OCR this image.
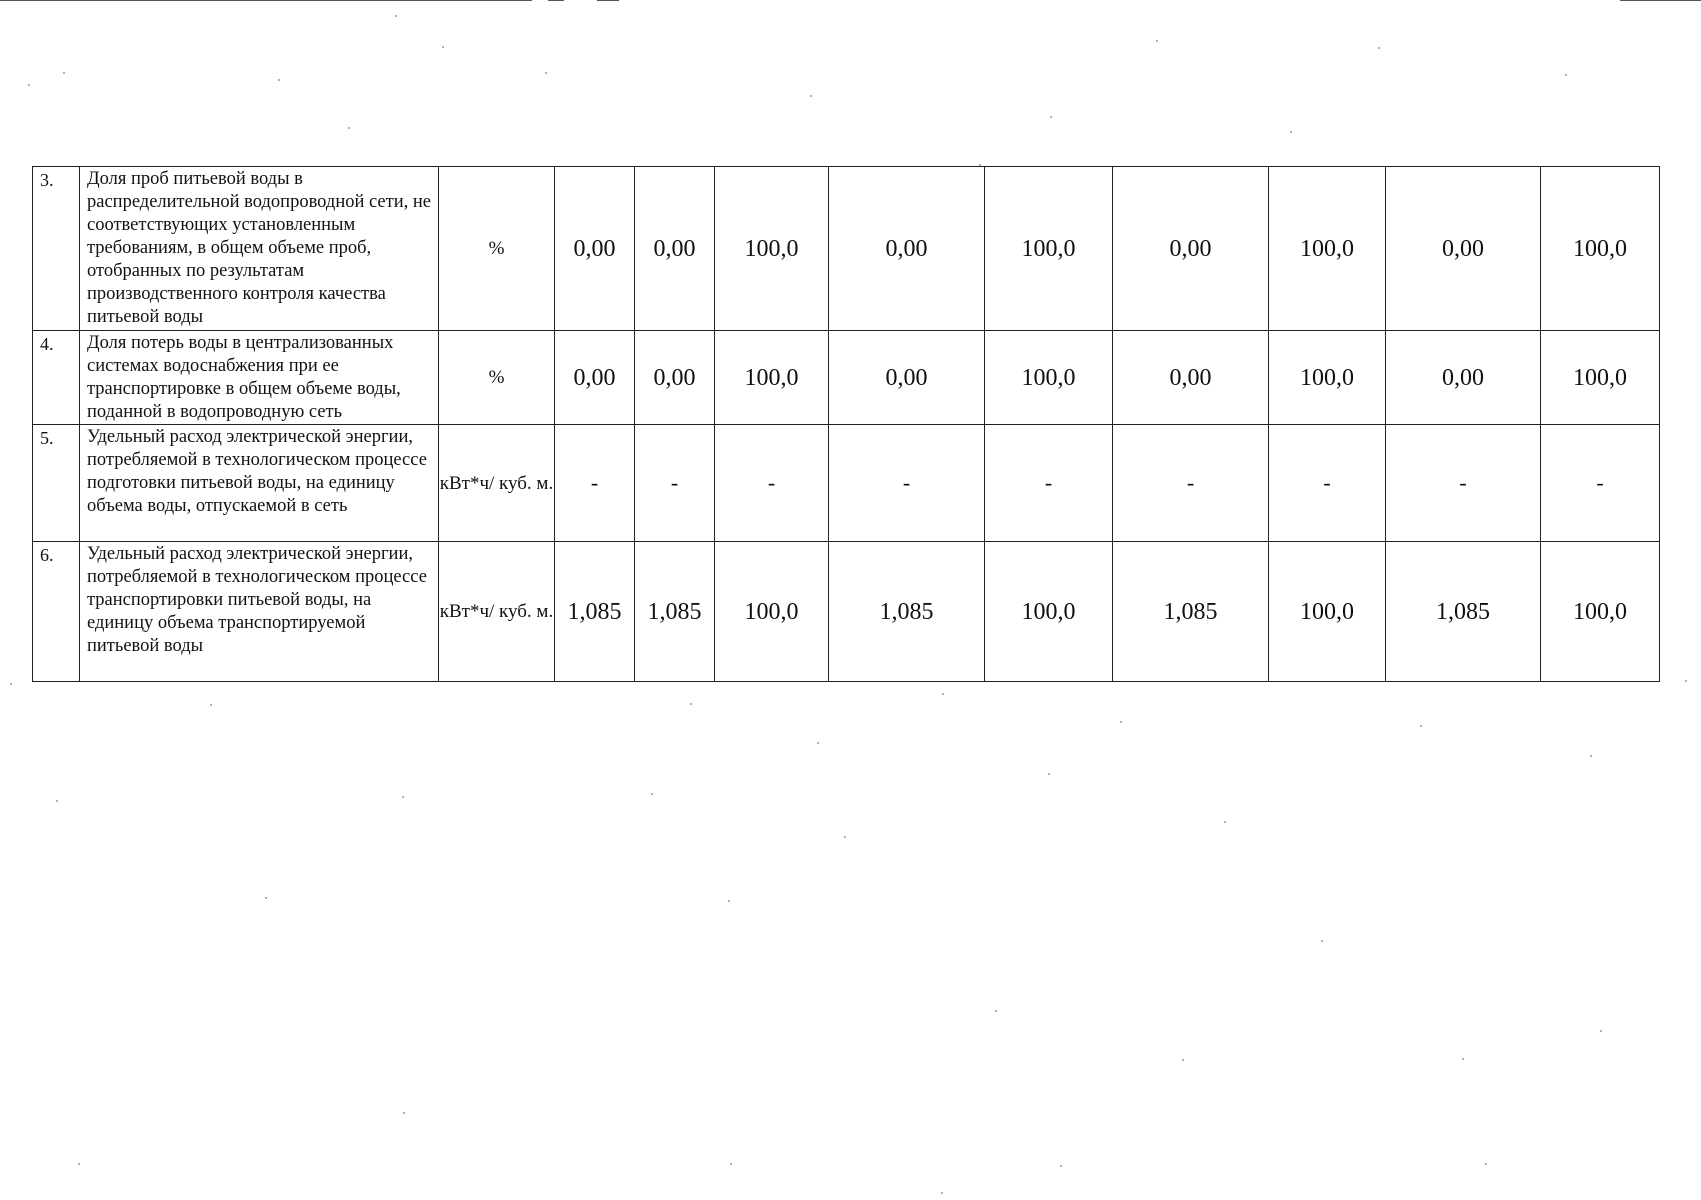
3.	Доля проб питьевой воды в распределительной водопроводной сети, не соответствующих установленным требованиям, в общем объеме проб, отобранных по результатам производственного контроля качества питьевой воды	%	0,00	0,00	100,0	0,00	100,0	0,00	100,0	0,00	100,0
4.	Доля потерь воды в централизованных системах водоснабжения при ее транспортировке в общем объеме воды, поданной в водопроводную сеть	%	0,00	0,00	100,0	0,00	100,0	0,00	100,0	0,00	100,0
5.	Удельный расход электрической энергии, потребляемой в технологическом процессе подготовки питьевой воды, на единицу объема воды, отпускаемой в сеть	кВт*ч/ куб. м.	-	-	-	-	-	-	-	-	-
6.	Удельный расход электрической энергии, потребляемой в технологическом процессе транспортировки питьевой воды, на единицу объема транспортируемой питьевой воды	кВт*ч/ куб. м.	1,085	1,085	100,0	1,085	100,0	1,085	100,0	1,085	100,0
